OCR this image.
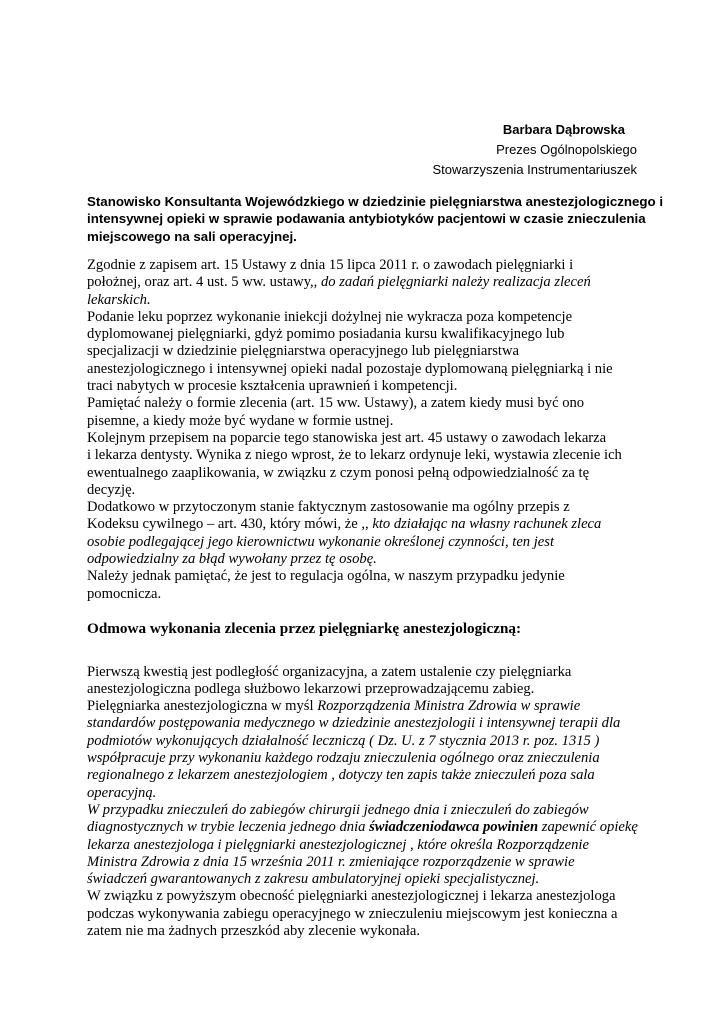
Barbara Dąbrowska
Prezes Ogólnopolskiego
Stowarzyszenia Instrumentariuszek
Stanowisko Konsultanta Wojewódzkiego w dziedzinie pielęgniarstwa anestezjologicznego i
intensywnej opieki w sprawie podawania antybiotyków pacjentowi w czasie znieczulenia
miejscowego na sali operacyjnej.
Zgodnie z zapisem art. 15 Ustawy z dnia 15 lipca 2011 r. o zawodach pielęgniarki i
położnej, oraz art. 4 ust. 5 ww. ustawy,, do zadań pielęgniarki należy realizacja zleceń
lekarskich.
Podanie leku poprzez wykonanie iniekcji dożylnej nie wykracza poza kompetencje
dyplomowanej pielęgniarki, gdyż pomimo posiadania kursu kwalifikacyjnego lub
specjalizacji w dziedzinie pielęgniarstwa operacyjnego lub pielęgniarstwa
anestezjologicznego i intensywnej opieki nadal pozostaje dyplomowaną pielęgniarką i nie
traci nabytych w procesie kształcenia uprawnień i kompetencji.
Pamiętać należy o formie zlecenia (art. 15 ww. Ustawy), a zatem kiedy musi być ono
pisemne, a kiedy może być wydane w formie ustnej.
Kolejnym przepisem na poparcie tego stanowiska jest art. 45 ustawy o zawodach lekarza
i lekarza dentysty. Wynika z niego wprost, że to lekarz ordynuje leki, wystawia zlecenie ich
ewentualnego zaaplikowania, w związku z czym ponosi pełną odpowiedzialność za tę
decyzję.
Dodatkowo w przytoczonym stanie faktycznym zastosowanie ma ogólny przepis z
Kodeksu cywilnego – art. 430, który mówi, że ,, kto działając na własny rachunek zleca
osobie podlegającej jego kierownictwu wykonanie określonej czynności, ten jest
odpowiedzialny za błąd wywołany przez tę osobę.
Należy jednak pamiętać, że jest to regulacja ogólna, w naszym przypadku jedynie
pomocnicza.
Odmowa wykonania zlecenia przez pielęgniarkę anestezjologiczną:
Pierwszą kwestią jest podległość organizacyjna, a zatem ustalenie czy pielęgniarka
anestezjologiczna podlega służbowo lekarzowi przeprowadzającemu zabieg.
Pielęgniarka anestezjologiczna w myśl Rozporządzenia Ministra Zdrowia w sprawie
standardów postępowania medycznego w dziedzinie anestezjologii i intensywnej terapii dla
podmiotów wykonujących działalność leczniczą ( Dz. U. z 7 stycznia 2013 r. poz. 1315 )
współpracuje przy wykonaniu każdego rodzaju znieczulenia ogólnego oraz znieczulenia
regionalnego z lekarzem anestezjologiem , dotyczy ten zapis także znieczuleń poza sala
operacyjną.
W przypadku znieczuleń do zabiegów chirurgii jednego dnia i znieczuleń do zabiegów
diagnostycznych w trybie leczenia jednego dnia świadczeniodawca powinien zapewnić opiekę
lekarza anestezjologa i pielęgniarki anestezjologicznej , które określa Rozporządzenie
Ministra Zdrowia z dnia 15 września 2011 r. zmieniające rozporządzenie w sprawie
świadczeń gwarantowanych z zakresu ambulatoryjnej opieki specjalistycznej.
W związku z powyższym obecność pielęgniarki anestezjologicznej i lekarza anestezjologa
podczas wykonywania zabiegu operacyjnego w znieczuleniu miejscowym jest konieczna a
zatem nie ma żadnych przeszkód aby zlecenie wykonała.
